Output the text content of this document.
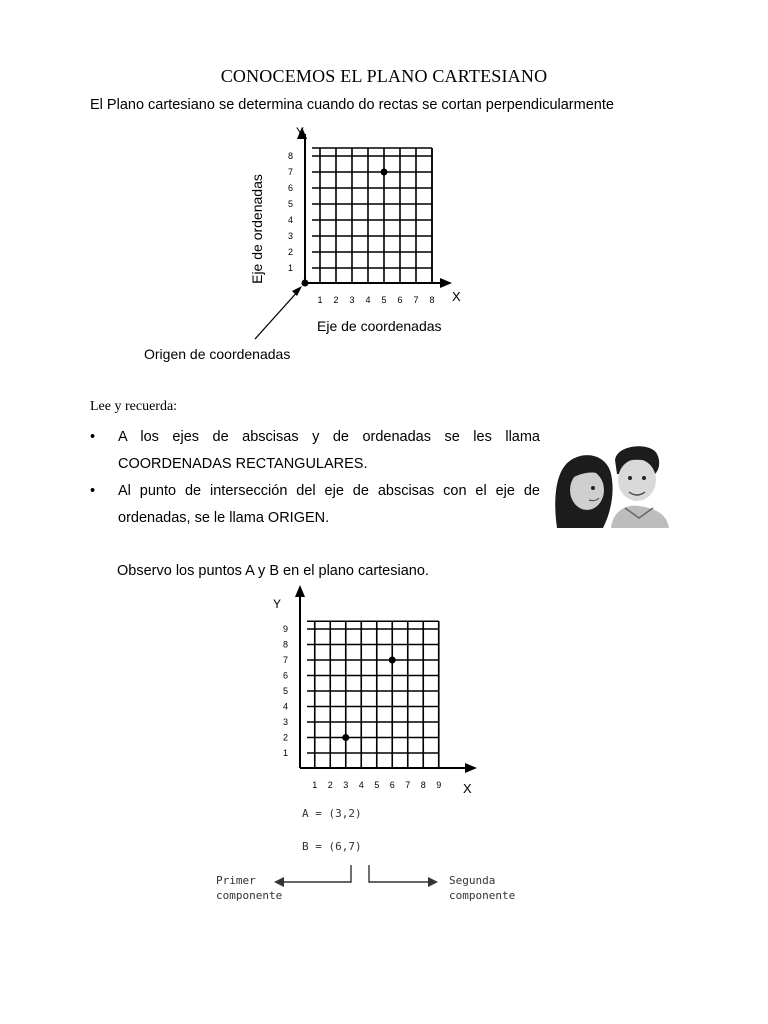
CONOCEMOS EL PLANO CARTESIANO
El Plano cartesiano se determina cuando do rectas se cortan perpendicularmente
Y
X
8
7
6
5
4
3
2
1
1 2 3 4 5 6 7 8
Eje de ordenadas
Eje de coordenadas
Origen de coordenadas
Lee y recuerda:
• A los ejes de abscisas y de ordenadas se les llama COORDENADAS RECTANGULARES.
• Al punto de intersección del eje de abscisas con el eje de ordenadas, se le llama ORIGEN.
Observo los puntos A y B en el plano cartesiano.
Y
X
9
8
7
6
5
4
3
2
1
1 2 3 4 5 6 7 8 9
A = (3,2)
B = (6,7)
Primer
componente
Segunda
componente
